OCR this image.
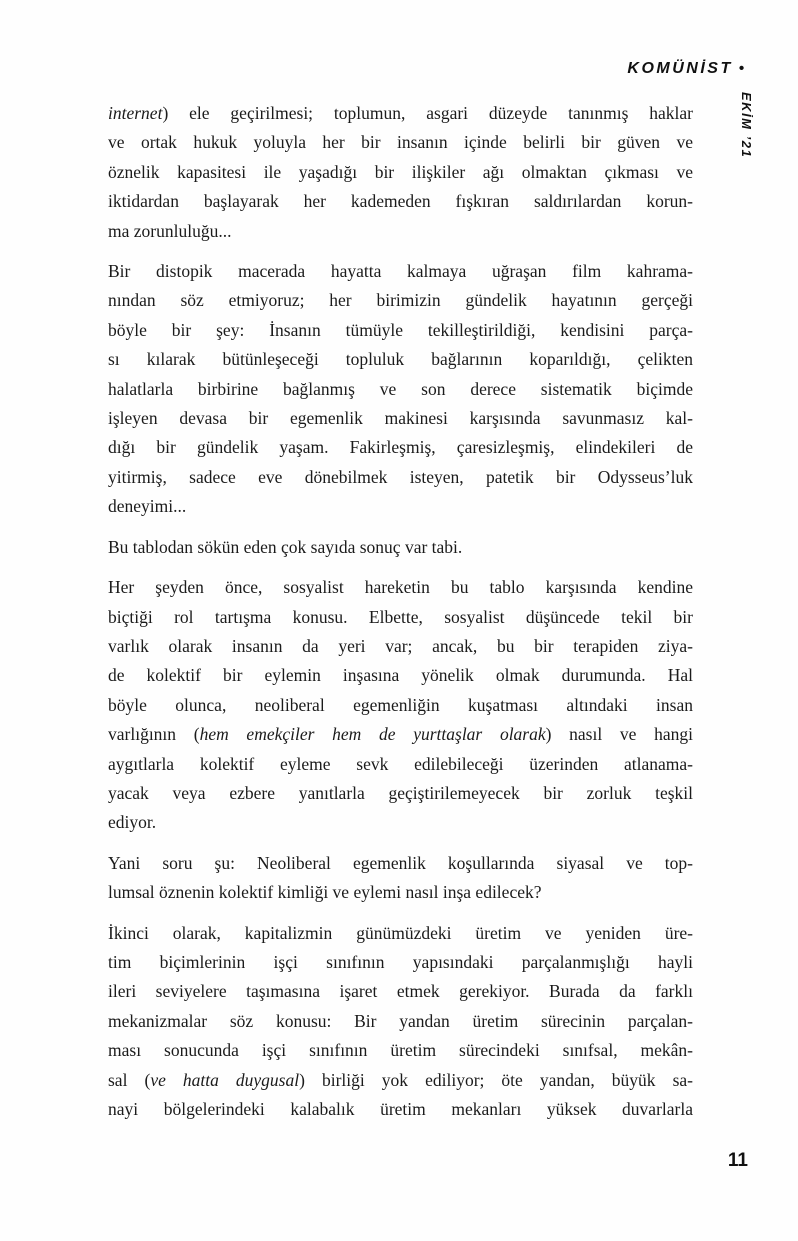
KOMÜNİST •
EKİM ’21
internet) ele geçirilmesi; toplumun, asgari düzeyde tanınmış haklar
ve ortak hukuk yoluyla her bir insanın içinde belirli bir güven ve
öznelik kapasitesi ile yaşadığı bir ilişkiler ağı olmaktan çıkması ve
iktidardan başlayarak her kademeden fışkıran saldırılardan korun-
ma zorunluluğu...
Bir distopik macerada hayatta kalmaya uğraşan film kahrama-
nından söz etmiyoruz; her birimizin gündelik hayatının gerçeği
böyle bir şey: İnsanın tümüyle tekilleştirildiği, kendisini parça-
sı kılarak bütünleşeceği topluluk bağlarının koparıldığı, çelikten
halatlarla birbirine bağlanmış ve son derece sistematik biçimde
işleyen devasa bir egemenlik makinesi karşısında savunmasız kal-
dığı bir gündelik yaşam. Fakirleşmiş, çaresizleşmiş, elindekileri de
yitirmiş, sadece eve dönebilmek isteyen, patetik bir Odysseus’luk
deneyimi...
Bu tablodan sökün eden çok sayıda sonuç var tabi.
Her şeyden önce, sosyalist hareketin bu tablo karşısında kendine
biçtiği rol tartışma konusu. Elbette, sosyalist düşüncede tekil bir
varlık olarak insanın da yeri var; ancak, bu bir terapiden ziya-
de kolektif bir eylemin inşasına yönelik olmak durumunda. Hal
böyle olunca, neoliberal egemenliğin kuşatması altındaki insan
varlığının (hem emekçiler hem de yurttaşlar olarak) nasıl ve hangi
aygıtlarla kolektif eyleme sevk edilebileceği üzerinden atlanama-
yacak veya ezbere yanıtlarla geçiştirilemeyecek bir zorluk teşkil
ediyor.
Yani soru şu: Neoliberal egemenlik koşullarında siyasal ve top-
lumsal öznenin kolektif kimliği ve eylemi nasıl inşa edilecek?
İkinci olarak, kapitalizmin günümüzdeki üretim ve yeniden üre-
tim biçimlerinin işçi sınıfının yapısındaki parçalanmışlığı hayli
ileri seviyelere taşımasına işaret etmek gerekiyor. Burada da farklı
mekanizmalar söz konusu: Bir yandan üretim sürecinin parçalan-
ması sonucunda işçi sınıfının üretim sürecindeki sınıfsal, mekân-
sal (ve hatta duygusal) birliği yok ediliyor; öte yandan, büyük sa-
nayi bölgelerindeki kalabalık üretim mekanları yüksek duvarlarla
11
